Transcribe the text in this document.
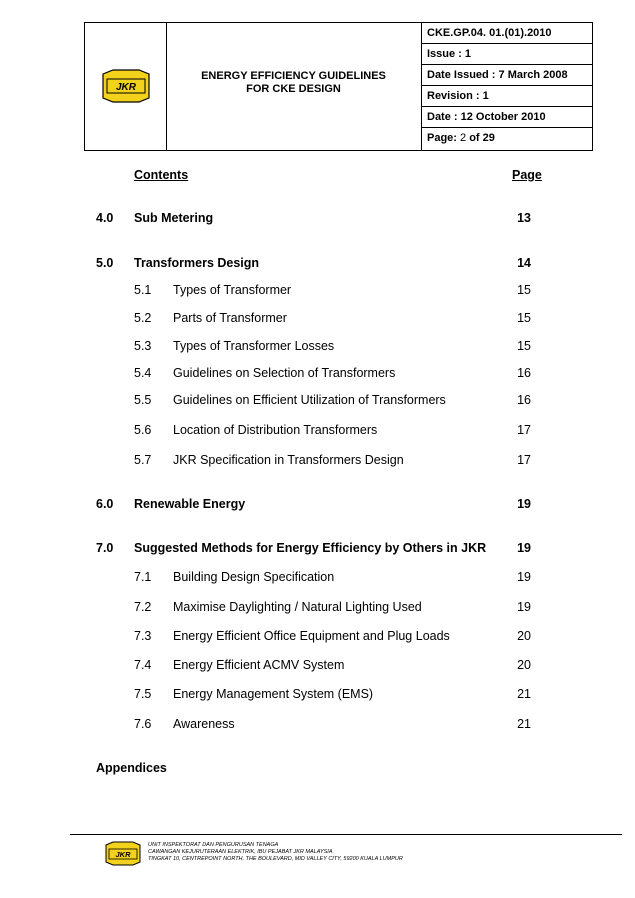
JKR
ENERGY EFFICIENCY GUIDELINES
FOR CKE DESIGN
CKE.GP.04. 01.(01).2010
Issue : 1
Date Issued : 7 March 2008
Revision : 1
Date : 12 October 2010
Page: 2 of 29
Contents	Page
4.0 Sub Metering	13
5.0 Transformers Design	14
5.1 Types of Transformer	15
5.2 Parts of Transformer	15
5.3 Types of Transformer Losses	15
5.4 Guidelines on Selection of Transformers	16
5.5 Guidelines on Efficient Utilization of Transformers	16
5.6 Location of Distribution Transformers	17
5.7 JKR Specification in Transformers Design	17
6.0 Renewable Energy	19
7.0 Suggested Methods for Energy Efficiency by Others in JKR	19
7.1 Building Design Specification	19
7.2 Maximise Daylighting / Natural Lighting Used	19
7.3 Energy Efficient Office Equipment and Plug Loads	20
7.4 Energy Efficient ACMV System	20
7.5 Energy Management System (EMS)	21
7.6 Awareness	21
Appendices
JKR
UNIT INSPEKTORAT DAN PENGURUSAN TENAGA
CAWANGAN KEJURUTERAAN ELEKTRIK, IBU PEJABAT JKR MALAYSIA
TINGKAT 10, CENTREPOINT NORTH, THE BOULEVARD, MID VALLEY CITY, 59200 KUALA LUMPUR
